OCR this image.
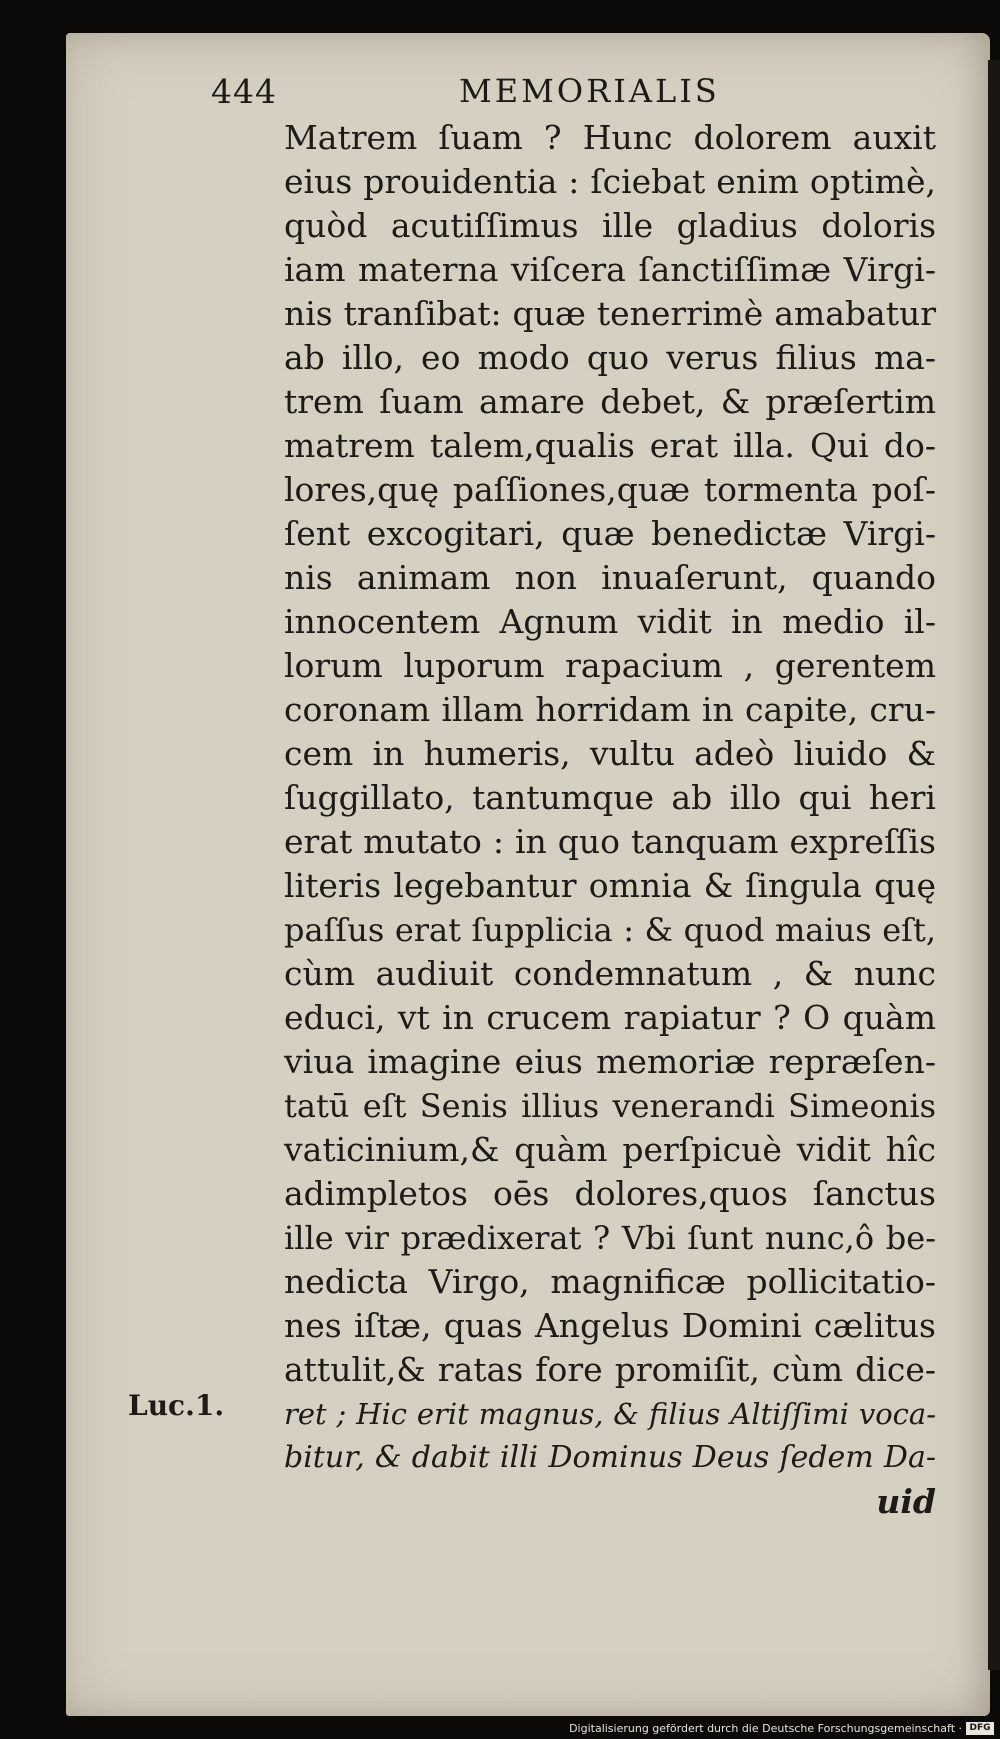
444	MEMORIALIS
Matrem ſuam ? Hunc dolorem auxit
eius prouidentia : ſciebat enim optimè,
quòd acutiſſimus ille gladius doloris
iam materna viſcera ſanctiſſimæ Virgi-
nis tranſibat: quæ tenerrimè amabatur
ab illo, eo modo quo verus filius ma-
trem ſuam amare debet, & præſertim
matrem talem,qualis erat illa. Qui do-
lores,quę paſſiones,quæ tormenta poſ-
ſent excogitari, quæ benedictæ Virgi-
nis animam non inuaſerunt, quando
innocentem Agnum vidit in medio il-
lorum luporum rapacium , gerentem
coronam illam horridam in capite, cru-
cem in humeris, vultu adeò liuido &
ſuggillato, tantumque ab illo qui heri
erat mutato : in quo tanquam expreſſis
literis legebantur omnia & ſingula quę
paſſus erat ſupplicia : & quod maius eſt,
cùm audiuit condemnatum , & nunc
educi, vt in crucem rapiatur ? O quàm
viua imagine eius memoriæ repræſen-
tatū eſt Senis illius venerandi Simeonis
vaticinium,& quàm perſpicuè vidit hîc
adimpletos oēs dolores,quos ſanctus
ille vir prædixerat ? Vbi ſunt nunc,ô be-
nedicta Virgo, magnificæ pollicitatio-
nes iſtæ, quas Angelus Domini cælitus
attulit,& ratas fore promiſit, cùm dice-
ret ; Hic erit magnus, & filius Altiſſimi voca-
bitur, & dabit illi Dominus Deus ſedem Da-
uid
Luc.1.
Digitalisierung gefördert durch die Deutsche Forschungsgemeinschaft · DFG
